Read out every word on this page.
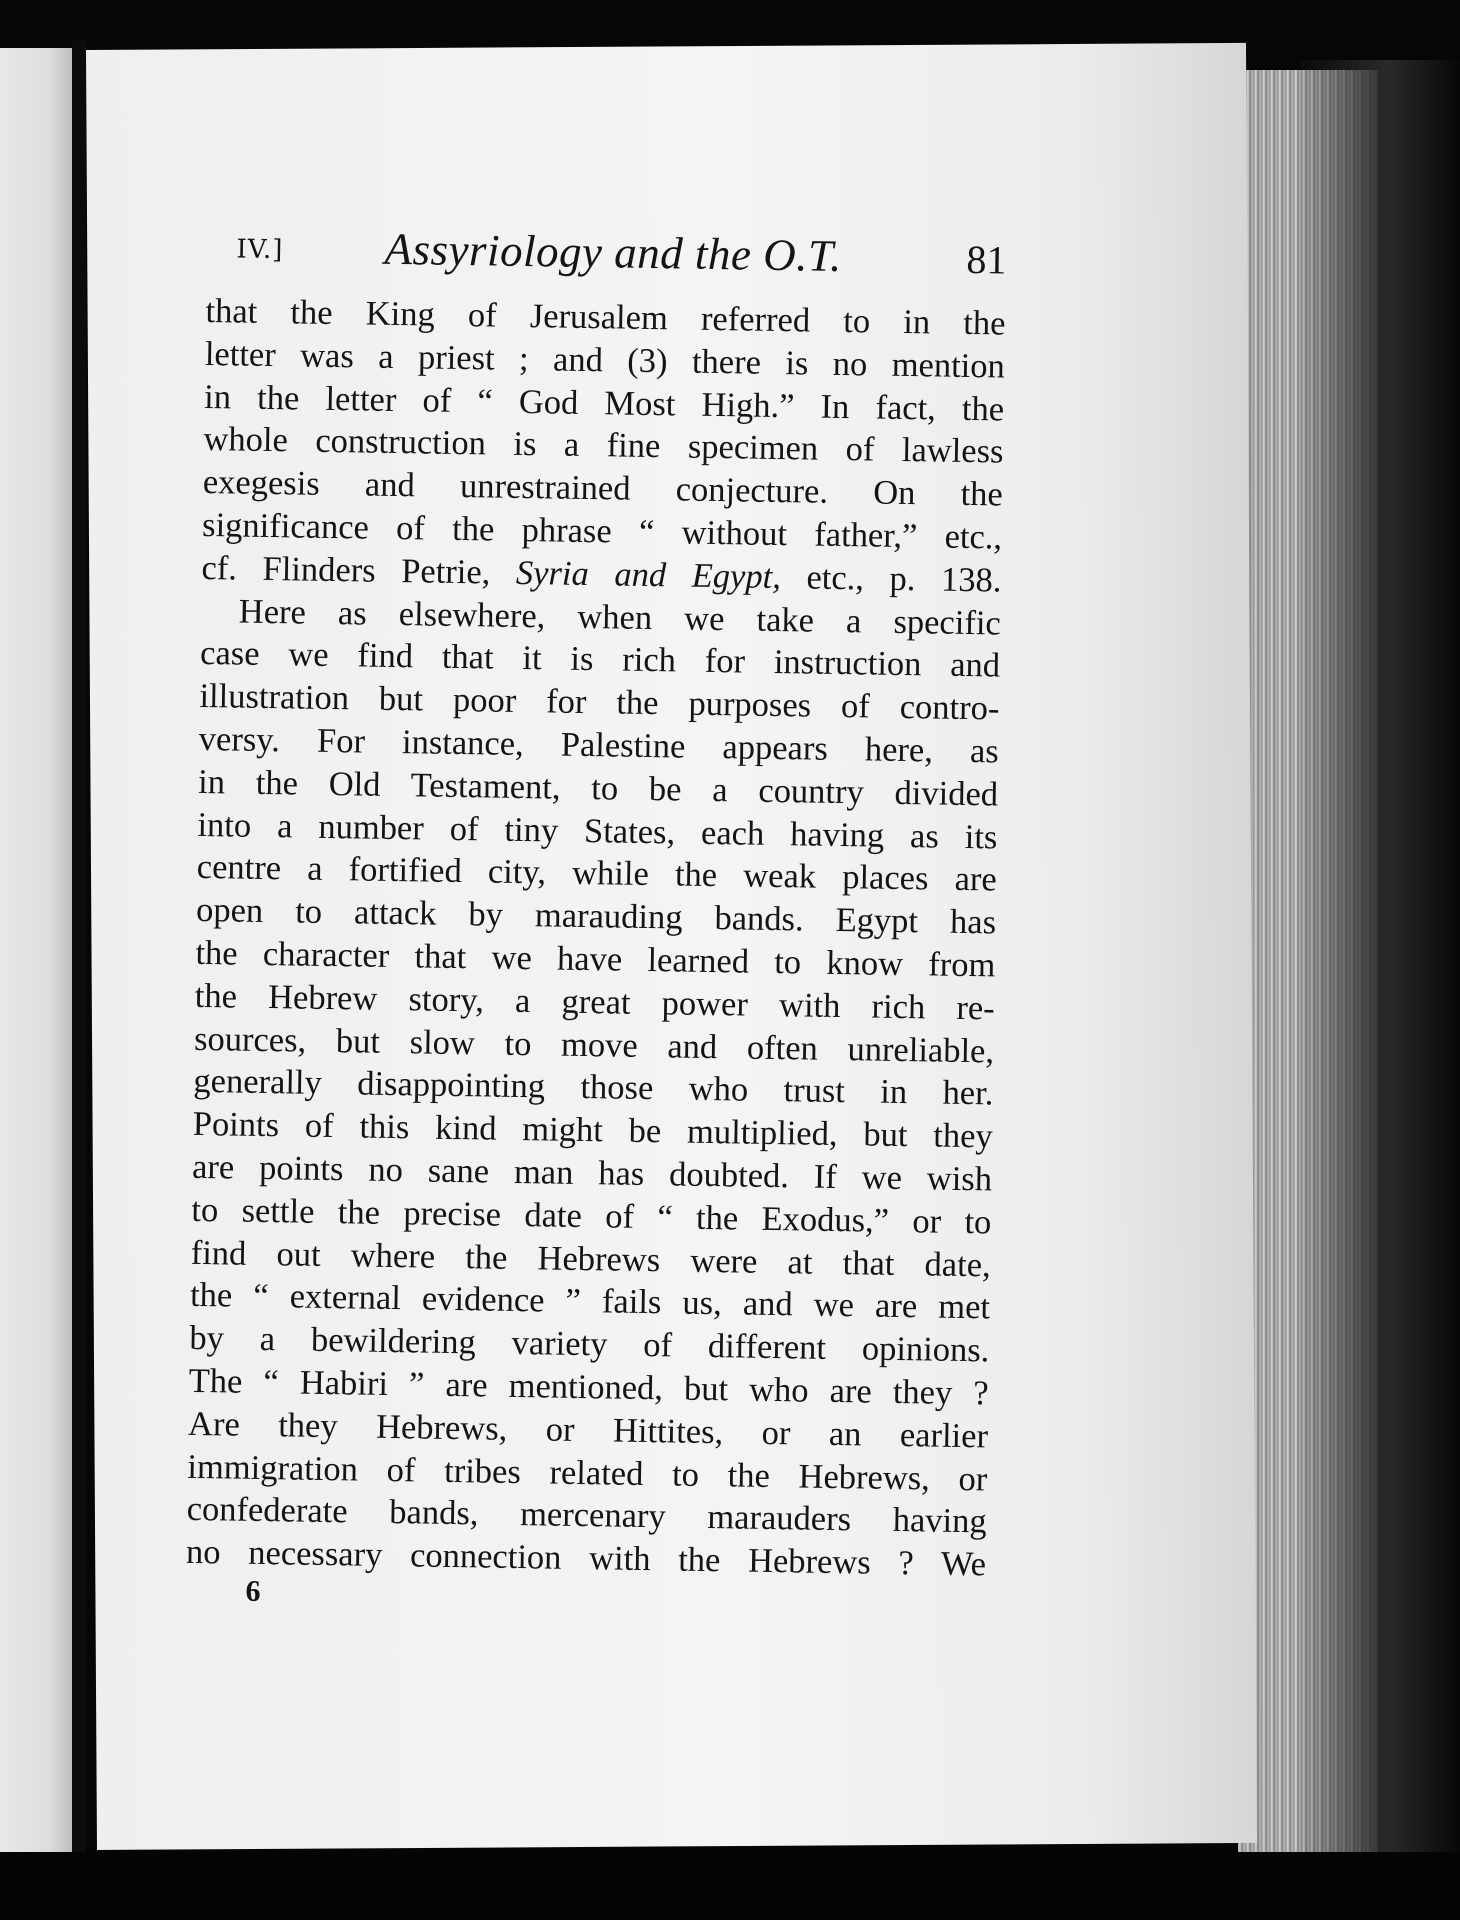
IV.] Assyriology and the O.T.	81
that the King of Jerusalem referred to in the
letter was a priest ; and (3) there is no mention
in the letter of “ God Most High.” In fact, the
whole construction is a fine specimen of lawless
exegesis and unrestrained conjecture. On the
significance of the phrase “ without father,” etc.,
cf. Flinders Petrie, Syria and Egypt, etc., p. 138.
Here as elsewhere, when we take a specific
case we find that it is rich for instruction and
illustration but poor for the purposes of contro-
versy. For instance, Palestine appears here, as
in the Old Testament, to be a country divided
into a number of tiny States, each having as its
centre a fortified city, while the weak places are
open to attack by marauding bands. Egypt has
the character that we have learned to know from
the Hebrew story, a great power with rich re-
sources, but slow to move and often unreliable,
generally disappointing those who trust in her.
Points of this kind might be multiplied, but they
are points no sane man has doubted. If we wish
to settle the precise date of “ the Exodus,” or to
find out where the Hebrews were at that date,
the “ external evidence ” fails us, and we are met
by a bewildering variety of different opinions.
The “ Habiri ” are mentioned, but who are they ?
Are they Hebrews, or Hittites, or an earlier
immigration of tribes related to the Hebrews, or
confederate bands, mercenary marauders having
no necessary connection with the Hebrews ? We
6
